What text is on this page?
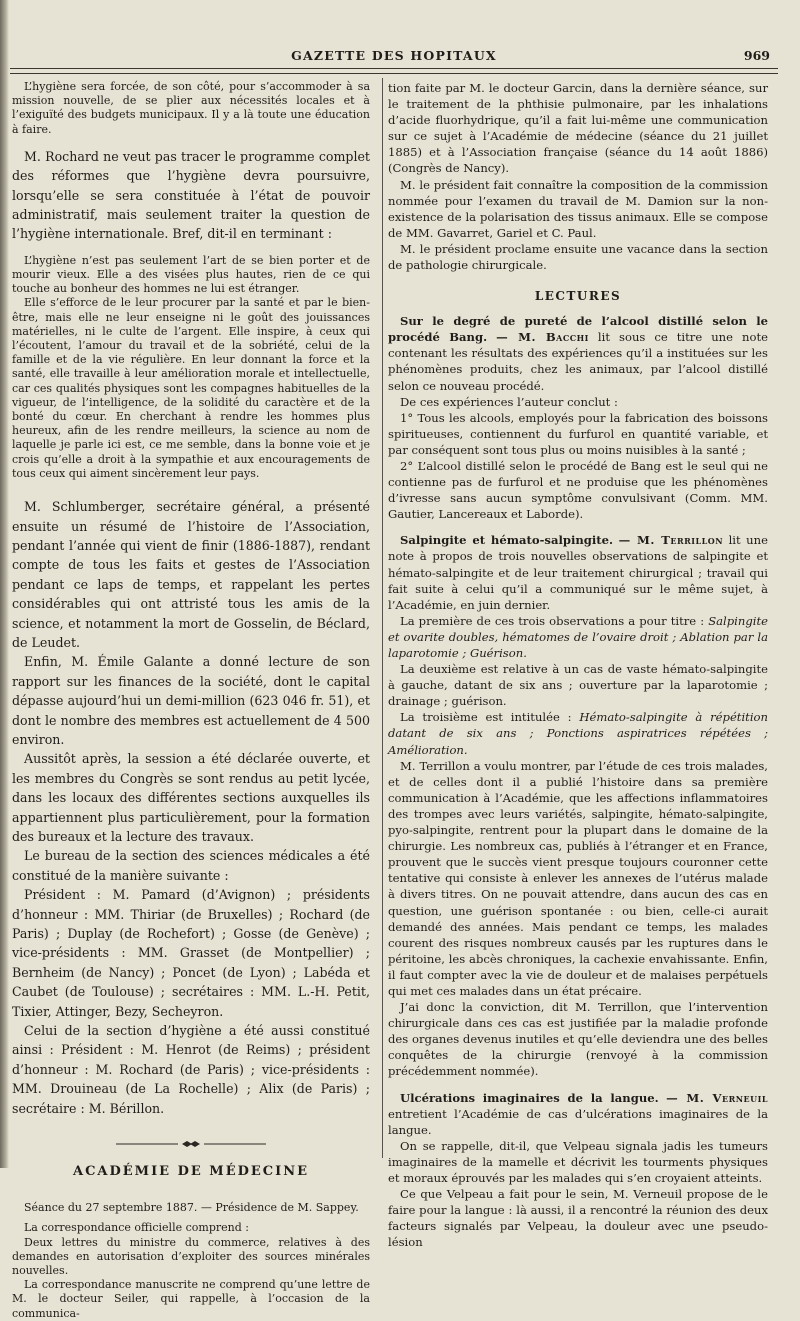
GAZETTE DES HOPITAUX	969

L’hygiène sera forcée, de son côté, pour s’accommoder à sa mission nouvelle, de se plier aux nécessités locales et à l’exiguïté des budgets municipaux. Il y a là toute une éducation à faire.

M. Rochard ne veut pas tracer le programme complet des réformes que l’hygiène devra poursuivre, lorsqu’elle se sera constituée à l’état de pouvoir administratif, mais seulement traiter la question de l’hygiène internationale. Bref, dit-il en terminant :

L’hygiène n’est pas seulement l’art de se bien porter et de mourir vieux. Elle a des visées plus hautes, rien de ce qui touche au bonheur des hommes ne lui est étranger.

Elle s’efforce de le leur procurer par la santé et par le bien-être, mais elle ne leur enseigne ni le goût des jouissances matérielles, ni le culte de l’argent. Elle inspire, à ceux qui l’écoutent, l’amour du travail et de la sobriété, celui de la famille et de la vie régulière. En leur donnant la force et la santé, elle travaille à leur amélioration morale et intellectuelle, car ces qualités physiques sont les compagnes habituelles de la vigueur, de l’intelligence, de la solidité du caractère et de la bonté du cœur. En cherchant à rendre les hommes plus heureux, afin de les rendre meilleurs, la science au nom de laquelle je parle ici est, ce me semble, dans la bonne voie et je crois qu’elle a droit à la sympathie et aux encouragements de tous ceux qui aiment sincèrement leur pays.

M. Schlumberger, secrétaire général, a présenté ensuite un résumé de l’histoire de l’Association, pendant l’année qui vient de finir (1886-1887), rendant compte de tous les faits et gestes de l’Association pendant ce laps de temps, et rappelant les pertes considérables qui ont attristé tous les amis de la science, et notamment la mort de Gosselin, de Béclard, de Leudet.

Enfin, M. Émile Galante a donné lecture de son rapport sur les finances de la société, dont le capital dépasse aujourd’hui un demi-million (623 046 fr. 51), et dont le nombre des membres est actuellement de 4 500 environ.

Aussitôt après, la session a été déclarée ouverte, et les membres du Congrès se sont rendus au petit lycée, dans les locaux des différentes sections auxquelles ils appartiennent plus particulièrement, pour la formation des bureaux et la lecture des travaux.

Le bureau de la section des sciences médicales a été constitué de la manière suivante :

Président : M. Pamard (d’Avignon) ; présidents d’honneur : MM. Thiriar (de Bruxelles) ; Rochard (de Paris) ; Duplay (de Rochefort) ; Gosse (de Genève) ; vice-présidents : MM. Grasset (de Montpellier) ; Bernheim (de Nancy) ; Poncet (de Lyon) ; Labéda et Caubet (de Toulouse) ; secrétaires : MM. L.-H. Petit, Tixier, Attinger, Bezy, Secheyron.

Celui de la section d’hygiène a été aussi constitué ainsi : Président : M. Henrot (de Reims) ; président d’honneur : M. Rochard (de Paris) ; vice-présidents : MM. Drouineau (de La Rochelle) ; Alix (de Paris) ; secrétaire : M. Bérillon.

ACADÉMIE DE MÉDECINE

Séance du 27 septembre 1887. — Présidence de M. Sappey.

La correspondance officielle comprend :

Deux lettres du ministre du commerce, relatives à des demandes en autorisation d’exploiter des sources minérales nouvelles.

La correspondance manuscrite ne comprend qu’une lettre de M. le docteur Seiler, qui rappelle, à l’occasion de la communica-

tion faite par M. le docteur Garcin, dans la dernière séance, sur le traitement de la phthisie pulmonaire, par les inhalations d’acide fluorhydrique, qu’il a fait lui-même une communication sur ce sujet à l’Académie de médecine (séance du 21 juillet 1885) et à l’Association française (séance du 14 août 1886) (Congrès de Nancy).

M. le président fait connaître la composition de la commission nommée pour l’examen du travail de M. Damion sur la non-existence de la polarisation des tissus animaux. Elle se compose de MM. Gavarret, Gariel et C. Paul.

M. le président proclame ensuite une vacance dans la section de pathologie chirurgicale.

LECTURES

Sur le degré de pureté de l’alcool distillé selon le procédé Bang. — M. Bacchi lit sous ce titre une note contenant les résultats des expériences qu’il a instituées sur les phénomènes produits, chez les animaux, par l’alcool distillé selon ce nouveau procédé.

De ces expériences l’auteur conclut :

1° Tous les alcools, employés pour la fabrication des boissons spiritueuses, contiennent du furfurol en quantité variable, et par conséquent sont tous plus ou moins nuisibles à la santé ;

2° L’alcool distillé selon le procédé de Bang est le seul qui ne contienne pas de furfurol et ne produise que les phénomènes d’ivresse sans aucun symptôme convulsivant (Comm. MM. Gautier, Lancereaux et Laborde).

Salpingite et hémato-salpingite. — M. Terrillon lit une note à propos de trois nouvelles observations de salpingite et hémato-salpingite et de leur traitement chirurgical ; travail qui fait suite à celui qu’il a communiqué sur le même sujet, à l’Académie, en juin dernier.

La première de ces trois observations a pour titre : Salpingite et ovarite doubles, hématomes de l’ovaire droit ; Ablation par la laparotomie ; Guérison.

La deuxième est relative à un cas de vaste hémato-salpingite à gauche, datant de six ans ; ouverture par la laparotomie ; drainage ; guérison.

La troisième est intitulée : Hémato-salpingite à répétition datant de six ans ; Ponctions aspiratrices répétées ; Amélioration.

M. Terrillon a voulu montrer, par l’étude de ces trois malades, et de celles dont il a publié l’histoire dans sa première communication à l’Académie, que les affections inflammatoires des trompes avec leurs variétés, salpingite, hémato-salpingite, pyo-salpingite, rentrent pour la plupart dans le domaine de la chirurgie. Les nombreux cas, publiés à l’étranger et en France, prouvent que le succès vient presque toujours couronner cette tentative qui consiste à enlever les annexes de l’utérus malade à divers titres. On ne pouvait attendre, dans aucun des cas en question, une guérison spontanée : ou bien, celle-ci aurait demandé des années. Mais pendant ce temps, les malades courent des risques nombreux causés par les ruptures dans le péritoine, les abcès chroniques, la cachexie envahissante. Enfin, il faut compter avec la vie de douleur et de malaises perpétuels qui met ces malades dans un état précaire.

J’ai donc la conviction, dit M. Terrillon, que l’intervention chirurgicale dans ces cas est justifiée par la maladie profonde des organes devenus inutiles et qu’elle deviendra une des belles conquêtes de la chirurgie (renvoyé à la commission précédemment nommée).

Ulcérations imaginaires de la langue. — M. Verneuil entretient l’Académie de cas d’ulcérations imaginaires de la langue.

On se rappelle, dit-il, que Velpeau signala jadis les tumeurs imaginaires de la mamelle et décrivit les tourments physiques et moraux éprouvés par les malades qui s’en croyaient atteints.

Ce que Velpeau a fait pour le sein, M. Verneuil propose de le faire pour la langue : là aussi, il a rencontré la réunion des deux facteurs signalés par Velpeau, la douleur avec une pseudo-lésion
